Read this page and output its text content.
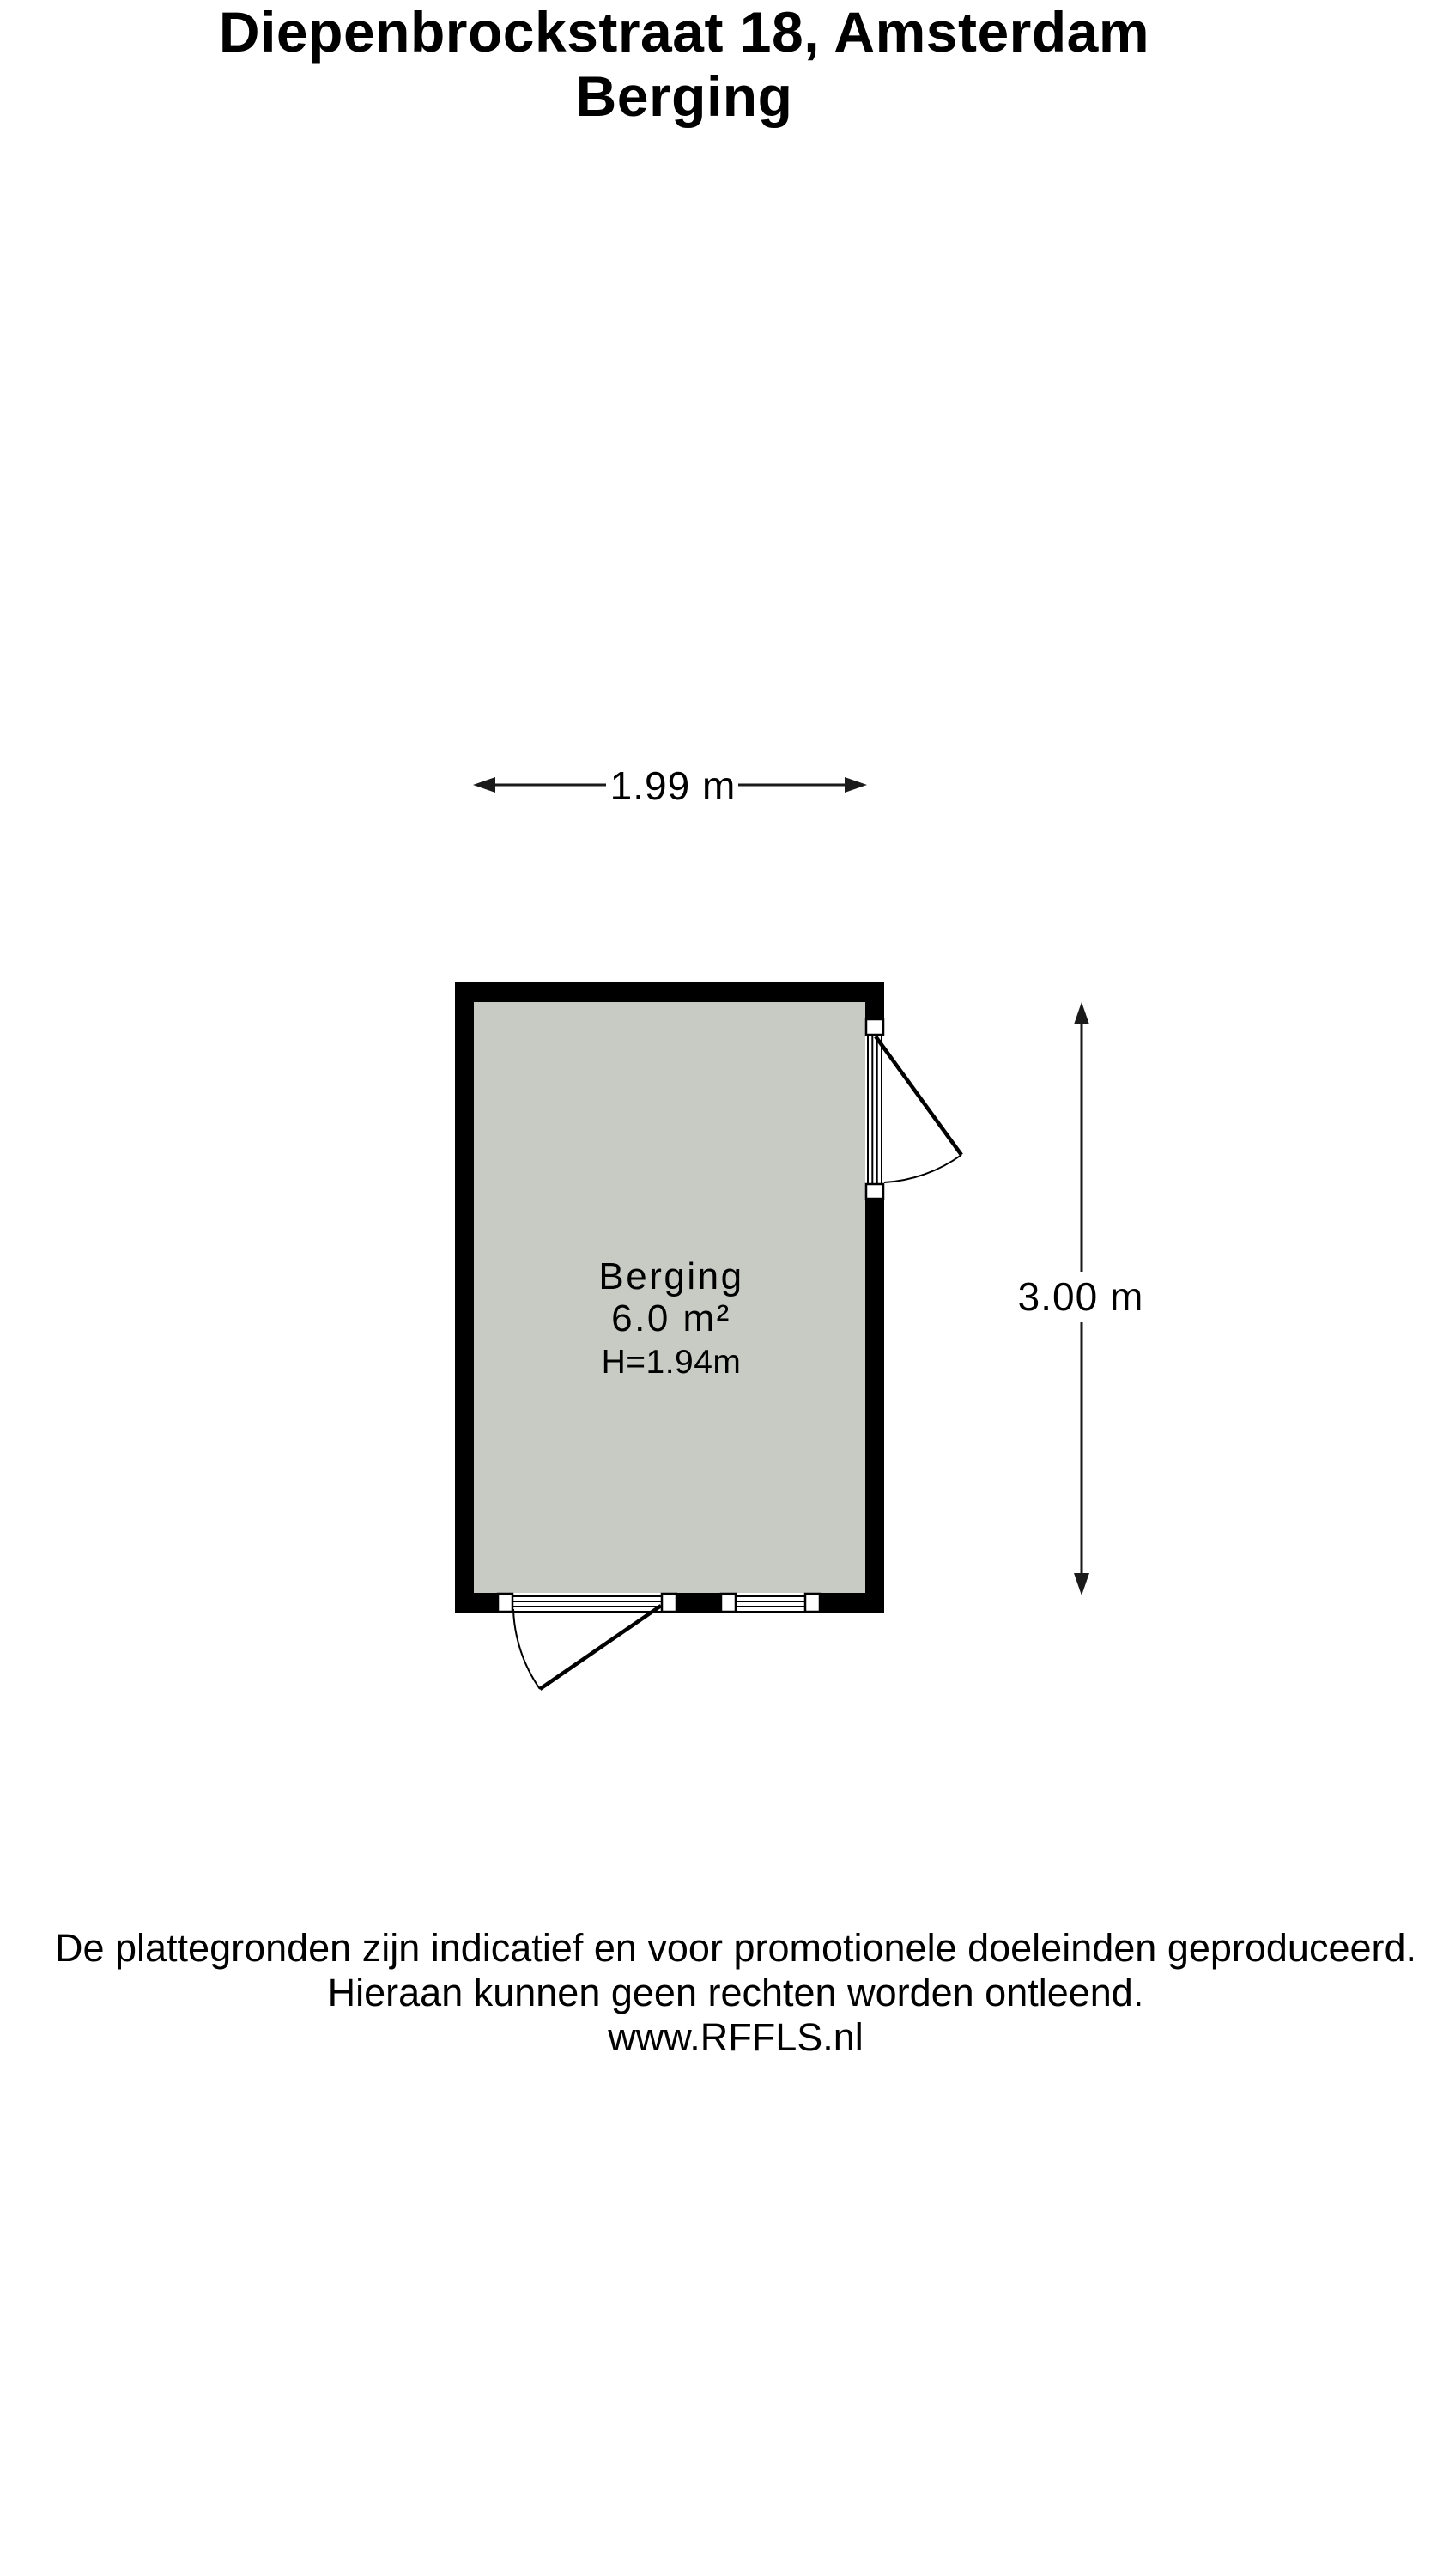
Diepenbrockstraat 18, Amsterdam
Berging
1.99 m
Berging
6.0 m²
H=1.94m
3.00 m
De plattegronden zijn indicatief en voor promotionele doeleinden geproduceerd.
Hieraan kunnen geen rechten worden ontleend.
www.RFFLS.nl
